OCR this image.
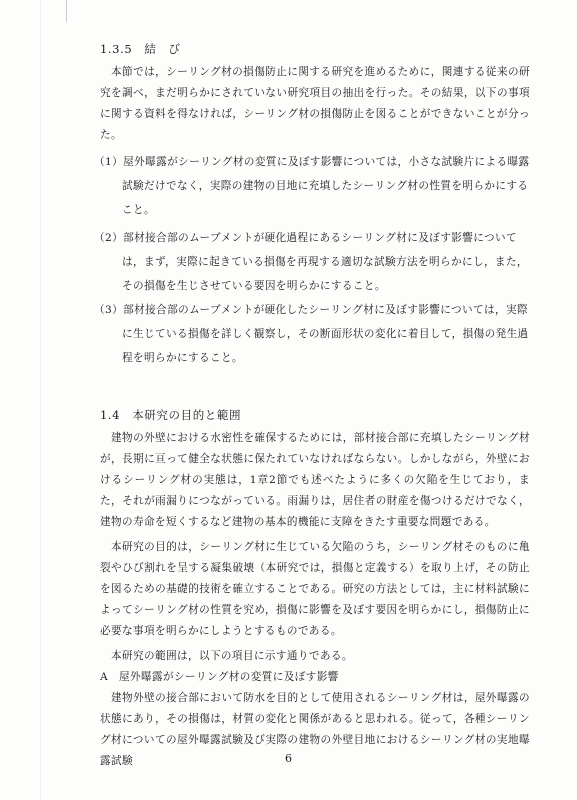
1.3.5　結　び

本節では，シーリング材の損傷防止に関する研究を進めるために，関連する従来の研究を調べ，まだ明らかにされていない研究項目の抽出を行った。その結果，以下の事項に関する資料を得なければ，シーリング材の損傷防止を図ることができないことが分った。

（1）屋外曝露がシーリング材の変質に及ぼす影響については，小さな試験片による曝露試験だけでなく，実際の建物の目地に充填したシーリング材の性質を明らかにすること。

（2）部材接合部のムーブメントが硬化過程にあるシーリング材に及ぼす影響については，まず，実際に起きている損傷を再現する適切な試験方法を明らかにし，また，その損傷を生じさせている要因を明らかにすること。

（3）部材接合部のムーブメントが硬化したシーリング材に及ぼす影響については，実際に生じている損傷を詳しく観察し，その断面形状の変化に着目して，損傷の発生過程を明らかにすること。

1.4　本研究の目的と範囲

建物の外壁における水密性を確保するためには，部材接合部に充填したシーリング材が，長期に亘って健全な状態に保たれていなければならない。しかしながら，外壁におけるシーリング材の実態は，1章2節でも述べたように多くの欠陥を生じており，また，それが雨漏りにつながっている。雨漏りは，居住者の財産を傷つけるだけでなく，建物の寿命を短くするなど建物の基本的機能に支障をきたす重要な問題である。

本研究の目的は，シーリング材に生じている欠陥のうち，シーリング材そのものに亀裂やひび割れを呈する凝集破壊（本研究では，損傷と定義する）を取り上げ，その防止を図るための基礎的技術を確立することである。研究の方法としては，主に材料試験によってシーリング材の性質を究め，損傷に影響を及ぼす要因を明らかにし，損傷防止に必要な事項を明らかにしようとするものである。

本研究の範囲は，以下の項目に示す通りである。

A　屋外曝露がシーリング材の変質に及ぼす影響

建物外壁の接合部において防水を目的として使用されるシーリング材は，屋外曝露の状態にあり，その損傷は，材質の変化と関係があると思われる。従って，各種シーリング材についての屋外曝露試験及び実際の建物の外壁目地におけるシーリング材の実地曝露試験	6
